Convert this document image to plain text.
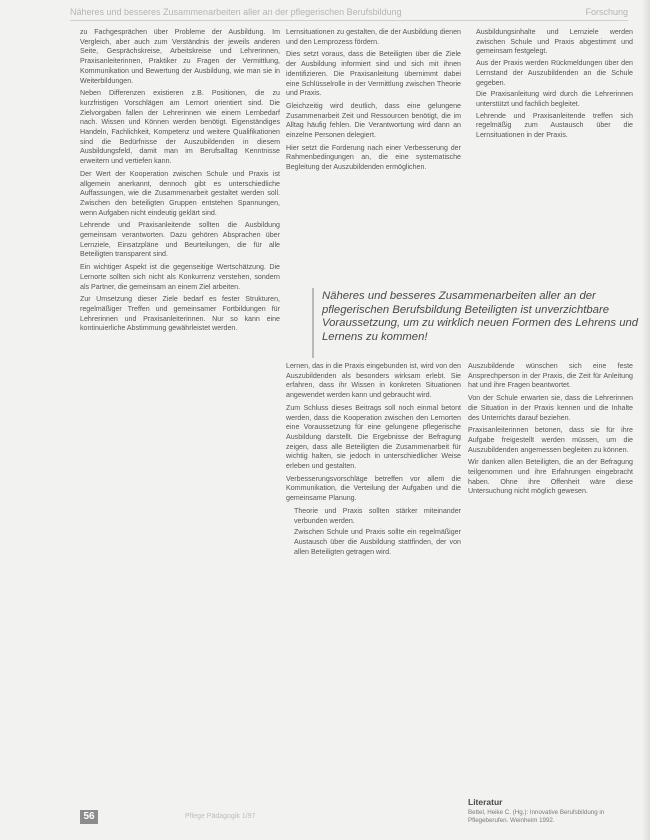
Näheres und besseres Zusammenarbeiten aller an der pflegerischen Berufsbildung	Forschung

zu Fachgesprächen über Probleme der Ausbildung. Im Vergleich, aber auch zum Verständnis der jeweils anderen Seite, Gesprächskreise, Arbeitskreise und Lehrerinnen, Praxisanleiterinnen, Praktiker zu Fragen der Vermittlung, Kommunikation und Bewertung der Ausbildung, wie man sie in Weiterbildungen.

Neben Differenzen existieren z.B. Positionen, die zu kurzfristigen Vorschlägen am Lernort orientiert sind. Die Zielvorgaben fallen der Lehrerinnen wie einem Lernbedarf nach. Wissen und Können werden benötigt. Eigenständiges Handeln, Fachlichkeit, Kompetenz und weitere Qualifikationen sind die Bedürfnisse der Auszubildenden in diesem Ausbildungsfeld, damit man im Berufsalltag Kenntnisse erweitern und vertiefen kann.

Der Wert der Kooperation zwischen Schule und Praxis ist allgemein anerkannt, dennoch gibt es unterschiedliche Auffassungen, wie die Zusammenarbeit gestaltet werden soll. Zwischen den beteiligten Gruppen entstehen Spannungen, wenn Aufgaben nicht eindeutig geklärt sind.

Lehrende und Praxisanleitende sollten die Ausbildung gemeinsam verantworten. Dazu gehören Absprachen über Lernziele, Einsatzpläne und Beurteilungen, die für alle Beteiligten transparent sind.

Ein wichtiger Aspekt ist die gegenseitige Wertschätzung. Die Lernorte sollten sich nicht als Konkurrenz verstehen, sondern als Partner, die gemeinsam an einem Ziel arbeiten.

Zur Umsetzung dieser Ziele bedarf es fester Strukturen, regelmäßiger Treffen und gemeinsamer Fortbildungen für Lehrerinnen und Praxisanleiterinnen. Nur so kann eine kontinuierliche Abstimmung gewährleistet werden.

Lernsituationen zu gestalten, die der Ausbildung dienen und den Lernprozess fördern.

Dies setzt voraus, dass die Beteiligten über die Ziele der Ausbildung informiert sind und sich mit ihnen identifizieren. Die Praxisanleitung übernimmt dabei eine Schlüsselrolle in der Vermittlung zwischen Theorie und Praxis.

Gleichzeitig wird deutlich, dass eine gelungene Zusammenarbeit Zeit und Ressourcen benötigt, die im Alltag häufig fehlen. Die Verantwortung wird dann an einzelne Personen delegiert.

Hier setzt die Forderung nach einer Verbesserung der Rahmenbedingungen an, die eine systematische Begleitung der Auszubildenden ermöglichen.

• Ausbildungsinhalte und Lernziele werden zwischen Schule und Praxis abgestimmt und gemeinsam festgelegt.
• Aus der Praxis werden Rückmeldungen über den Lernstand der Auszubildenden an die Schule gegeben.
• Die Praxisanleitung wird durch die Lehrerinnen unterstützt und fachlich begleitet.
• Lehrende und Praxisanleitende treffen sich regelmäßig zum Austausch über die Lernsituationen in der Praxis.
Näheres und besseres Zusammenarbeiten aller an der pflegerischen Berufsbildung Beteiligten ist unverzichtbare Voraussetzung, um zu wirklich neuen Formen des Lehrens und Lernens zu kommen!

Lernen, das in die Praxis eingebunden ist, wird von den Auszubildenden als besonders wirksam erlebt. Sie erfahren, dass ihr Wissen in konkreten Situationen angewendet werden kann und gebraucht wird.

Zum Schluss dieses Beitrags soll noch einmal betont werden, dass die Kooperation zwischen den Lernorten eine Voraussetzung für eine gelungene pflegerische Ausbildung darstellt. Die Ergebnisse der Befragung zeigen, dass alle Beteiligten die Zusammenarbeit für wichtig halten, sie jedoch in unterschiedlicher Weise erleben und gestalten.

Verbesserungsvorschläge betreffen vor allem die Kommunikation, die Verteilung der Aufgaben und die gemeinsame Planung.

• Theorie und Praxis sollten stärker miteinander verbunden werden.
• Zwischen Schule und Praxis sollte ein regelmäßiger Austausch über die Ausbildung stattfinden, der von allen Beteiligten getragen wird.

Auszubildende wünschen sich eine feste Ansprechperson in der Praxis, die Zeit für Anleitung hat und ihre Fragen beantwortet.

Von der Schule erwarten sie, dass die Lehrerinnen die Situation in der Praxis kennen und die Inhalte des Unterrichts darauf beziehen.

Praxisanleiterinnen betonen, dass sie für ihre Aufgabe freigestellt werden müssen, um die Auszubildenden angemessen begleiten zu können.

Wir danken allen Beteiligten, die an der Befragung teilgenommen und ihre Erfahrungen eingebracht haben. Ohne ihre Offenheit wäre diese Untersuchung nicht möglich gewesen.

Literatur
Bettel, Heike C. (Hg.): Innovative Berufsbildung in Pflegeberufen. Weinheim 1992.
56	Pflege Pädagogik 1/97
